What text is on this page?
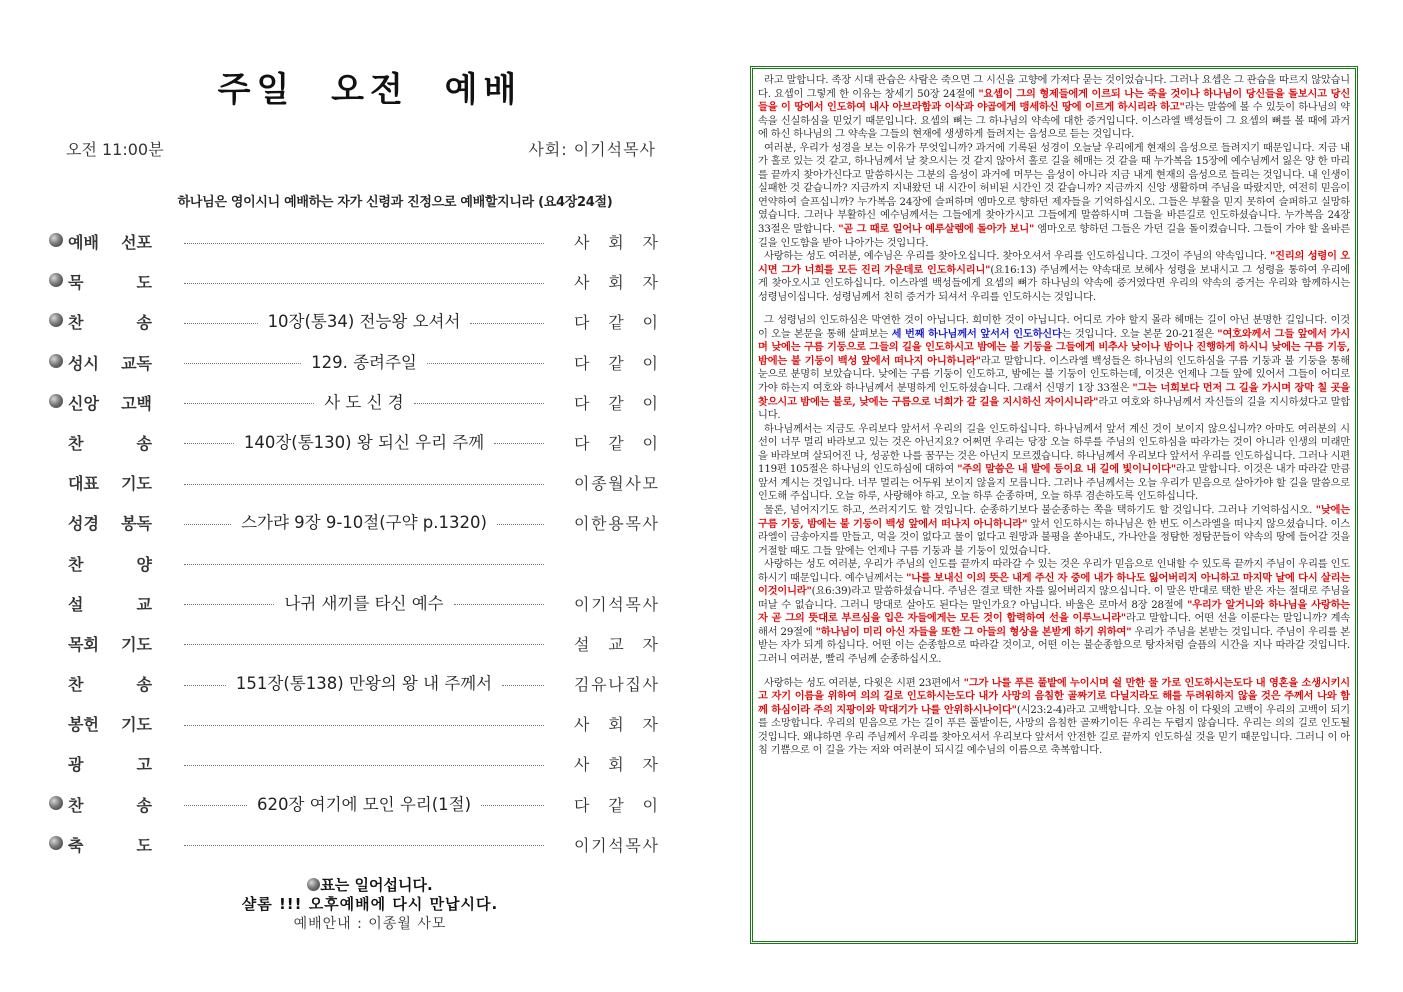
주일 오전 예배
오전 11:00분	사회: 이기석목사
하나님은 영이시니 예배하는 자가 신령과 진정으로 예배할지니라 (요4장24절)
예배 선포	사 회 자
묵	도	사 회 자
찬	송	10장(통34) 전능왕 오셔서	다 같 이
성시 교독	129. 종려주일	다 같 이
신앙 고백	사 도 신 경	다 같 이
찬	송	140장(통130) 왕 되신 우리 주께	다 같 이
대표 기도	이 종 월 사 모
성경 봉독	스가랴 9장 9-10절(구약 p.1320)	이 한 용 목 사
찬	양
설	교	나귀 새끼를 타신 예수	이 기 석 목 사
목회 기도	설 교 자
찬	송	151장(통138) 만왕의 왕 내 주께서	김 유 나 집 사
봉헌 기도	사 회 자
광	고	사 회 자
찬	송	620장 여기에 모인 우리(1절)	다 같 이
축	도	이 기 석 목 사
표는 일어섭니다.
샬롬 !!! 오후예배에 다시 만납시다.
예배안내 : 이종월 사모

라고 말합니다. 족장 시대 관습은 사람은 죽으면 그 시신을 고향에 가져다 묻는 것이었습니다. 그러나 요셉은 그 관습을 따르지 않았습니다. 요셉이 그렇게 한 이유는 창세기 50장 24절에 "요셉이 그의 형제들에게 이르되 나는 죽을 것이나 하나님이 당신들을 돌보시고 당신들을 이 땅에서 인도하여 내사 아브라함과 이삭과 야곱에게 맹세하신 땅에 이르게 하시리라 하고"라는 말씀에 볼 수 있듯이 하나님의 약속을 신실하심을 믿었기 때문입니다. 요셉의 뼈는 그 하나님의 약속에 대한 증거입니다. 이스라엘 백성들이 그 요셉의 뼈를 볼 때에 과거에 하신 하나님의 그 약속을 그들의 현재에 생생하게 들려지는 음성으로 듣는 것입니다.

여러분, 우리가 성경을 보는 이유가 무엇입니까? 과거에 기록된 성경이 오늘날 우리에게 현재의 음성으로 들려지기 때문입니다. 지금 내가 홀로 있는 것 같고, 하나님께서 날 찾으시는 것 같지 않아서 홀로 길을 헤매는 것 같을 때 누가복음 15장에 예수님께서 잃은 양 한 마리를 끝까지 찾아가신다고 말씀하시는 그분의 음성이 과거에 머무는 음성이 아니라 지금 내게 현재의 음성으로 들리는 것입니다. 내 인생이 실패한 것 같습니까? 지금까지 지내왔던 내 시간이 허비된 시간인 것 같습니까? 지금까지 신앙 생활하며 주님을 따랐지만, 여전히 믿음이 연약하여 슬프십니까? 누가복음 24장에 슬퍼하며 엠마오로 향하던 제자들을 기억하십시오. 그들은 부활을 믿지 못하여 슬퍼하고 실망하였습니다. 그러나 부활하신 예수님께서는 그들에게 찾아가시고 그들에게 말씀하시며 그들을 바른길로 인도하셨습니다. 누가복음 24장 33절은 말합니다. "곧 그 때로 일어나 예루살렘에 돌아가 보니" 엠마오로 향하던 그들은 가던 길을 돌이켰습니다. 그들이 가야 할 올바른 길을 인도함을 받아 나아가는 것입니다.

사랑하는 성도 여러분, 예수님은 우리를 찾아오십니다. 찾아오셔서 우리를 인도하십니다. 그것이 주님의 약속입니다. "진리의 성령이 오시면 그가 너희를 모든 진리 가운데로 인도하시리니"(요16:13) 주님께서는 약속대로 보혜사 성령을 보내시고 그 성령을 통하여 우리에게 찾아오시고 인도하십니다. 이스라엘 백성들에게 요셉의 뼈가 하나님의 약속에 증거였다면 우리의 약속의 증거는 우리와 함께하시는 성령님이십니다. 성령님께서 친히 증거가 되셔서 우리를 인도하시는 것입니다.

그 성령님의 인도하심은 막연한 것이 아닙니다. 희미한 것이 아닙니다. 어디로 가야 할지 몰라 헤매는 길이 아닌 분명한 길입니다. 이것이 오늘 본문을 통해 살펴보는 세 번째 하나님께서 앞서서 인도하신다는 것입니다. 오늘 본문 20-21절은 "여호와께서 그들 앞에서 가시며 낮에는 구름 기둥으로 그들의 길을 인도하시고 밤에는 불 기둥을 그들에게 비추사 낮이나 밤이나 진행하게 하시니 낮에는 구름 기둥, 밤에는 불 기둥이 백성 앞에서 떠나지 아니하니라"라고 말합니다. 이스라엘 백성들은 하나님의 인도하심을 구름 기둥과 불 기둥을 통해 눈으로 분명히 보았습니다. 낮에는 구름 기둥이 인도하고, 밤에는 불 기둥이 인도하는데, 이것은 언제나 그들 앞에 있어서 그들이 어디로 가야 하는지 여호와 하나님께서 분명하게 인도하셨습니다. 그래서 신명기 1장 33절은 "그는 너희보다 먼저 그 길을 가시며 장막 칠 곳을 찾으시고 밤에는 불로, 낮에는 구름으로 너희가 갈 길을 지시하신 자이시니라"라고 여호와 하나님께서 자신들의 길을 지시하셨다고 말합니다.

하나님께서는 지금도 우리보다 앞서서 우리의 길을 인도하십니다. 하나님께서 앞서 계신 것이 보이지 않으십니까? 아마도 여러분의 시선이 너무 멀리 바라보고 있는 것은 아닌지요? 어쩌면 우리는 당장 오늘 하루를 주님의 인도하심을 따라가는 것이 아니라 인생의 미래만을 바라보며 살되어진 나, 성공한 나를 꿈꾸는 것은 아닌지 모르겠습니다. 하나님께서 우리보다 앞서서 우리를 인도하십니다. 그러나 시편 119편 105절은 하나님의 인도하심에 대하여 "주의 말씀은 내 발에 등이요 내 길에 빛이니이다"라고 말합니다. 이것은 내가 따라갈 만큼 앞서 계시는 것입니다. 너무 멀리는 어두워 보이지 않을지 모릅니다. 그러나 주님께서는 오늘 우리가 믿음으로 살아가야 할 길을 말씀으로 인도해 주십니다. 오늘 하루, 사랑해야 하고, 오늘 하루 순종하며, 오늘 하루 겸손하도록 인도하십니다.

물론, 넘어지기도 하고, 쓰러지기도 할 것입니다. 순종하기보다 불순종하는 쪽을 택하기도 할 것입니다. 그러나 기억하십시오. "낮에는 구름 기둥, 밤에는 불 기둥이 백성 앞에서 떠나지 아니하니라" 앞서 인도하시는 하나님은 한 번도 이스라엘을 떠나지 않으셨습니다. 이스라엘이 금송아지를 만들고, 먹을 것이 없다고 물이 없다고 원망과 불평을 쏟아내도, 가나안을 정탐한 정탐꾼들이 약속의 땅에 들어갈 것을 거절할 때도 그들 앞에는 언제나 구름 기둥과 불 기둥이 있었습니다.

사랑하는 성도 여러분, 우리가 주님의 인도를 끝까지 따라갈 수 있는 것은 우리가 믿음으로 인내할 수 있도록 끝까지 주님이 우리를 인도하시기 때문입니다. 예수님께서는 "나를 보내신 이의 뜻은 내게 주신 자 중에 내가 하나도 잃어버리지 아니하고 마지막 날에 다시 살리는 이것이니라"(요6:39)라고 말씀하셨습니다. 주님은 결코 택한 자를 잃어버리지 않으십니다. 이 말은 반대로 택한 받은 자는 절대로 주님을 떠날 수 없습니다. 그러니 망대로 살아도 된다는 말인가요? 아닙니다. 바울은 로마서 8장 28절에 "우리가 알거니와 하나님을 사랑하는 자 곧 그의 뜻대로 부르심을 입은 자들에게는 모든 것이 합력하여 선을 이루느니라"라고 말합니다. 어떤 선을 이룬다는 말입니까? 계속해서 29절에 "하나님이 미리 아신 자들을 또한 그 아들의 형상을 본받게 하기 위하여" 우리가 주님을 본받는 것입니다. 주님이 우리를 본받는 자가 되게 하십니다. 어떤 이는 순종함으로 따라갈 것이고, 어떤 이는 불순종함으로 탕자처럼 슬픔의 시간을 지나 따라갈 것입니다. 그러니 여러분, 빨리 주님께 순종하십시오.

사랑하는 성도 여러분, 다윗은 시편 23편에서 "그가 나를 푸른 풀밭에 누이시며 쉴 만한 물 가로 인도하시는도다 내 영혼을 소생시키시고 자기 이름을 위하여 의의 길로 인도하시는도다 내가 사망의 음침한 골짜기로 다닐지라도 해를 두려워하지 않을 것은 주께서 나와 함께 하심이라 주의 지팡이와 막대기가 나를 안위하시나이다"(시23:2-4)라고 고백합니다. 오늘 아침 이 다윗의 고백이 우리의 고백이 되기를 소망합니다. 우리의 믿음으로 가는 길이 푸른 풀밭이든, 사망의 음침한 골짜기이든 우리는 두렵지 않습니다. 우리는 의의 길로 인도될 것입니다. 왜냐하면 우리 주님께서 우리를 찾아오셔서 우리보다 앞서서 안전한 길로 끝까지 인도하실 것을 믿기 때문입니다. 그러니 이 아침 기쁨으로 이 길을 가는 저와 여러분이 되시길 예수님의 이름으로 축복합니다.
